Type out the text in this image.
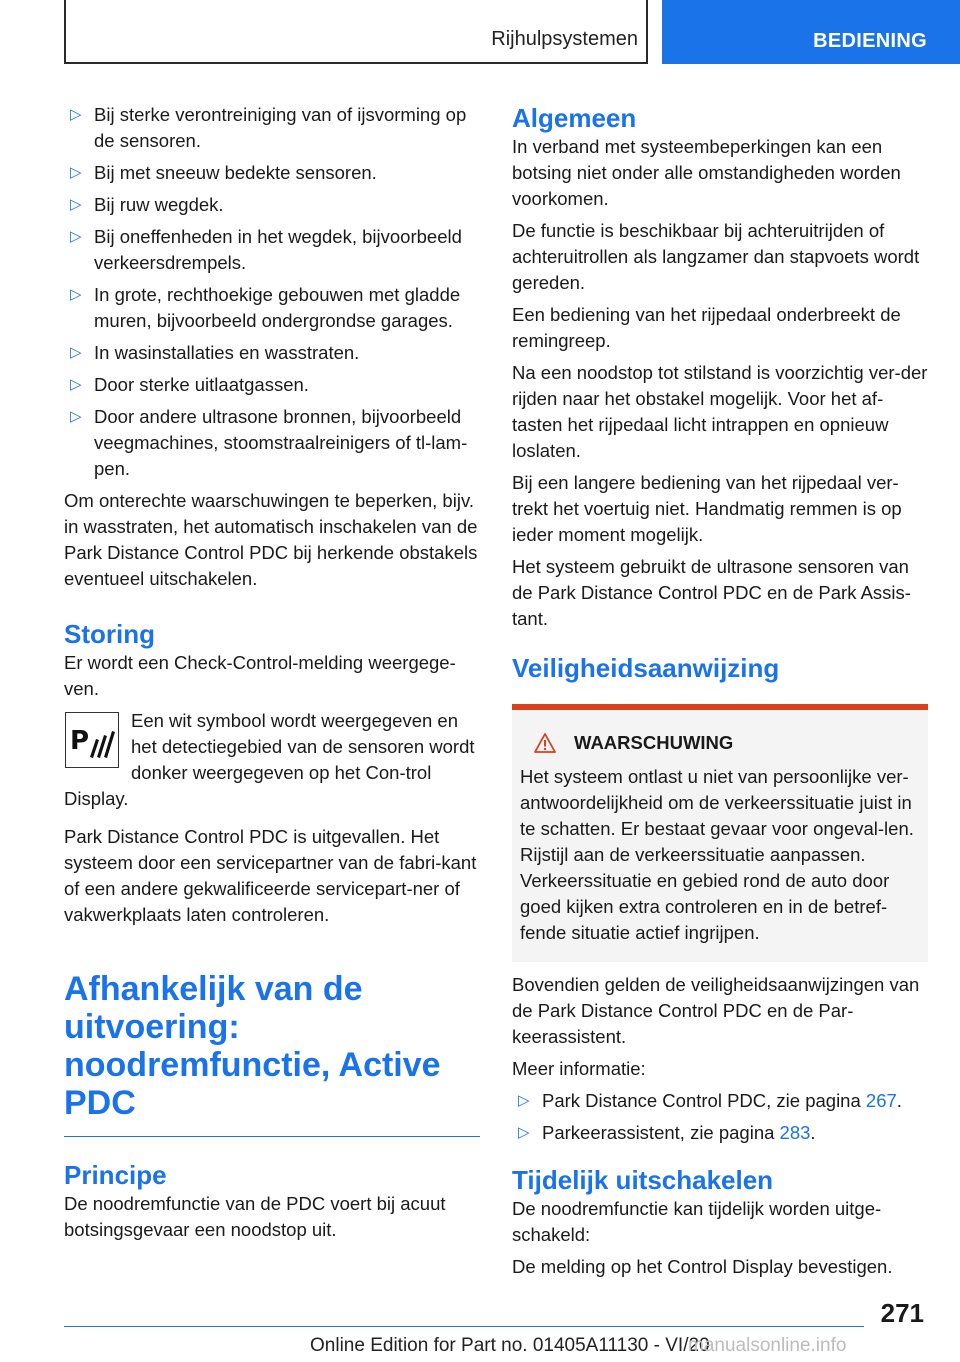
Rijhulpsystemen	BEDIENING
▷ Bij sterke verontreiniging van of ijsvorming op de sensoren.
▷ Bij met sneeuw bedekte sensoren.
▷ Bij ruw wegdek.
▷ Bij oneffenheden in het wegdek, bijvoorbeeld verkeersdrempels.
▷ In grote, rechthoekige gebouwen met gladde muren, bijvoorbeeld ondergrondse garages.
▷ In wasinstallaties en wasstraten.
▷ Door sterke uitlaatgassen.
▷ Door andere ultrasone bronnen, bijvoorbeeld veegmachines, stoomstraalreinigers of tl-lam-pen.

Om onterechte waarschuwingen te beperken, bijv. in wasstraten, het automatisch inschakelen van de Park Distance Control PDC bij herkende obstakels eventueel uitschakelen.

Storing

Er wordt een Check-Control-melding weergege-ven.

P
Een wit symbool wordt weergegeven en het detectiegebied van de sensoren wordt donker weergegeven op het Con-trol Display.

Park Distance Control PDC is uitgevallen. Het systeem door een servicepartner van de fabri-kant of een andere gekwalificeerde servicepart-ner of vakwerkplaats laten controleren.

Afhankelijk van de uitvoering: noodremfunctie, Active PDC
Principe

De noodremfunctie van de PDC voert bij acuut botsingsgevaar een noodstop uit.

Algemeen

In verband met systeembeperkingen kan een botsing niet onder alle omstandigheden worden voorkomen.

De functie is beschikbaar bij achteruitrijden of achteruitrollen als langzamer dan stapvoets wordt gereden.

Een bediening van het rijpedaal onderbreekt de remingreep.

Na een noodstop tot stilstand is voorzichtig ver-der rijden naar het obstakel mogelijk. Voor het af-tasten het rijpedaal licht intrappen en opnieuw loslaten.

Bij een langere bediening van het rijpedaal ver-trekt het voertuig niet. Handmatig remmen is op ieder moment mogelijk.

Het systeem gebruikt de ultrasone sensoren van de Park Distance Control PDC en de Park Assis-tant.

Veiligheidsaanwijzing
WAARSCHUWING

Het systeem ontlast u niet van persoonlijke ver-antwoordelijkheid om de verkeerssituatie juist in te schatten. Er bestaat gevaar voor ongeval-len. Rijstijl aan de verkeerssituatie aanpassen. Verkeerssituatie en gebied rond de auto door goed kijken extra controleren en in de betref-fende situatie actief ingrijpen.

Bovendien gelden de veiligheidsaanwijzingen van de Park Distance Control PDC en de Par-keerassistent.

Meer informatie:

▷ Park Distance Control PDC, zie pagina 267.
▷ Parkeerassistent, zie pagina 283.
Tijdelijk uitschakelen

De noodremfunctie kan tijdelijk worden uitge-schakeld:

De melding op het Control Display bevestigen.

271
Online Edition for Part no. 01405A11130 - VI/20
manualsonline.info
